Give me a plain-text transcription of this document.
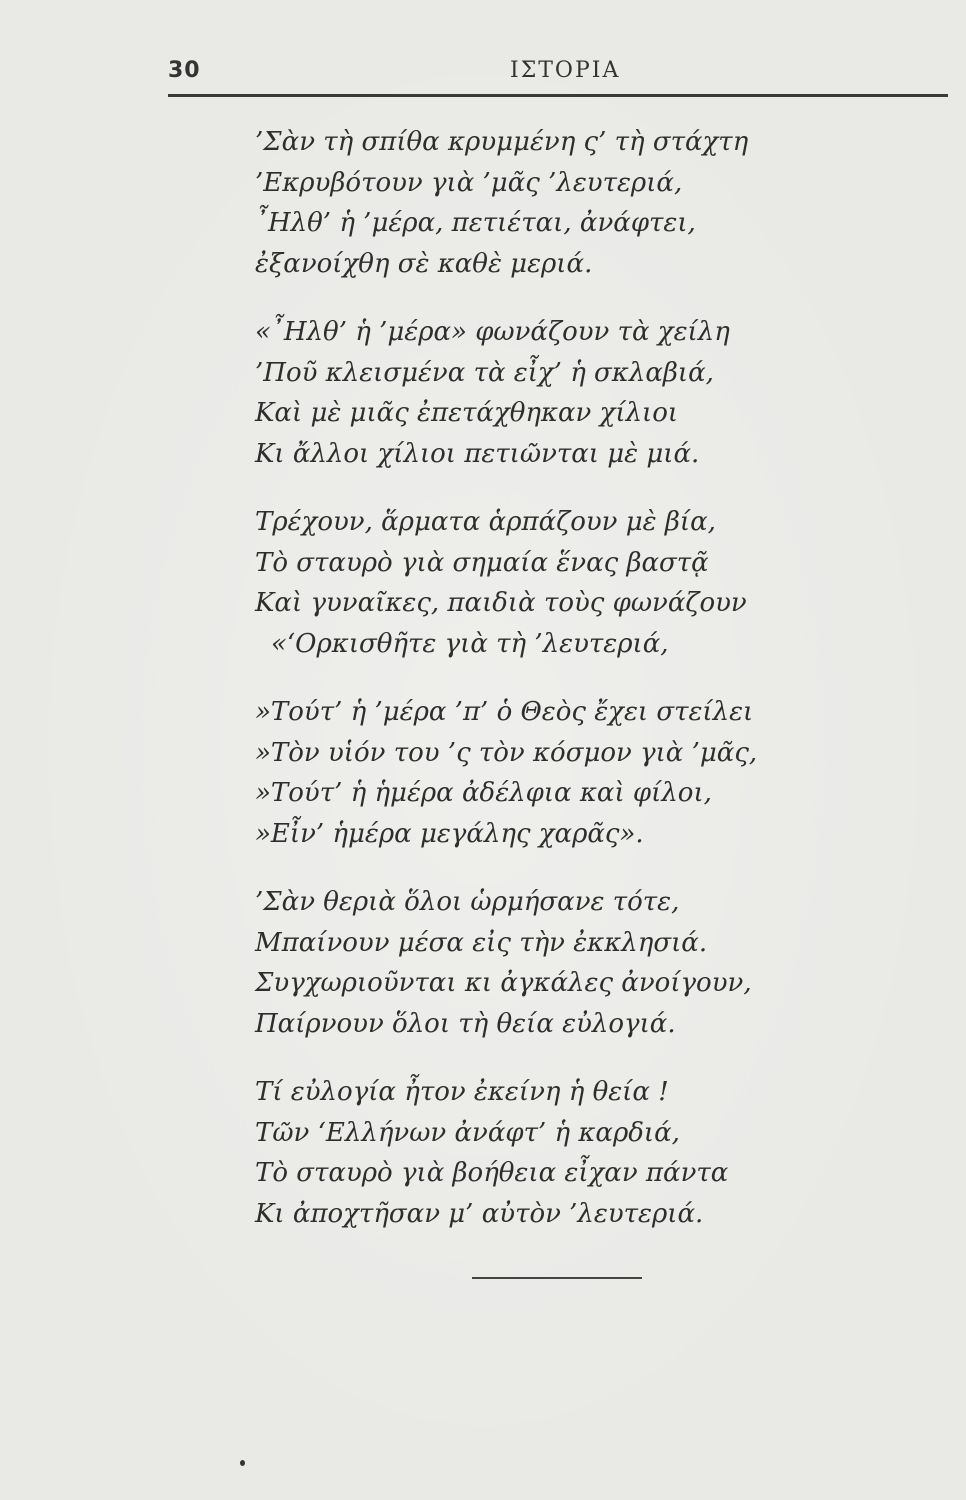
30	ΙΣΤΟΡΙΑ
’Σὰν τὴ σπίθα κρυμμένη ς’ τὴ στάχτη
’Εκρυβότουν γιὰ ’μᾶς ’λευτεριά,
῏Ηλθ’ ἡ ’μέρα, πετιέται, ἀνάφτει,
ἐξανοίχθη σὲ καθὲ μεριά.
«῏Ηλθ’ ἡ ’μέρα» φωνάζουν τὰ χείλη
’Ποῦ κλεισμένα τὰ εἶχ’ ἡ σκλαβιά,
Καὶ μὲ μιᾶς ἐπετάχθηκαν χίλιοι
Κι ἄλλοι χίλιοι πετιῶνται μὲ μιά.
Τρέχουν, ἅρματα ἁρπάζουν μὲ βία,
Τὸ σταυρὸ γιὰ σημαία ἕνας βαστᾷ
Καὶ γυναῖκες, παιδιὰ τοὺς φωνάζουν
«‘Ορκισθῆτε γιὰ τὴ ’λευτεριά,
»Τούτ’ ἡ ’μέρα ’π’ ὁ Θεὸς ἔχει στείλει
»Τὸν υἱόν του ’ς τὸν κόσμον γιὰ ’μᾶς,
»Τούτ’ ἡ ἡμέρα ἀδέλφια καὶ φίλοι,
»Εἶν’ ἡμέρα μεγάλης χαρᾶς».
’Σὰν θεριὰ ὅλοι ὡρμήσανε τότε,
Μπαίνουν μέσα εἰς τὴν ἐκκλησιά.
Συγχωριοῦνται κι ἀγκάλες ἀνοίγουν,
Παίρνουν ὅλοι τὴ θεία εὐλογιά.
Τί εὐλογία ἦτον ἐκείνη ἡ θεία !
Τῶν ‘Ελλήνων ἀνάφτ’ ἡ καρδιά,
Τὸ σταυρὸ γιὰ βοήθεια εἶχαν πάντα
Κι ἀποχτῆσαν μ’ αὐτὸν ’λευτεριά.
